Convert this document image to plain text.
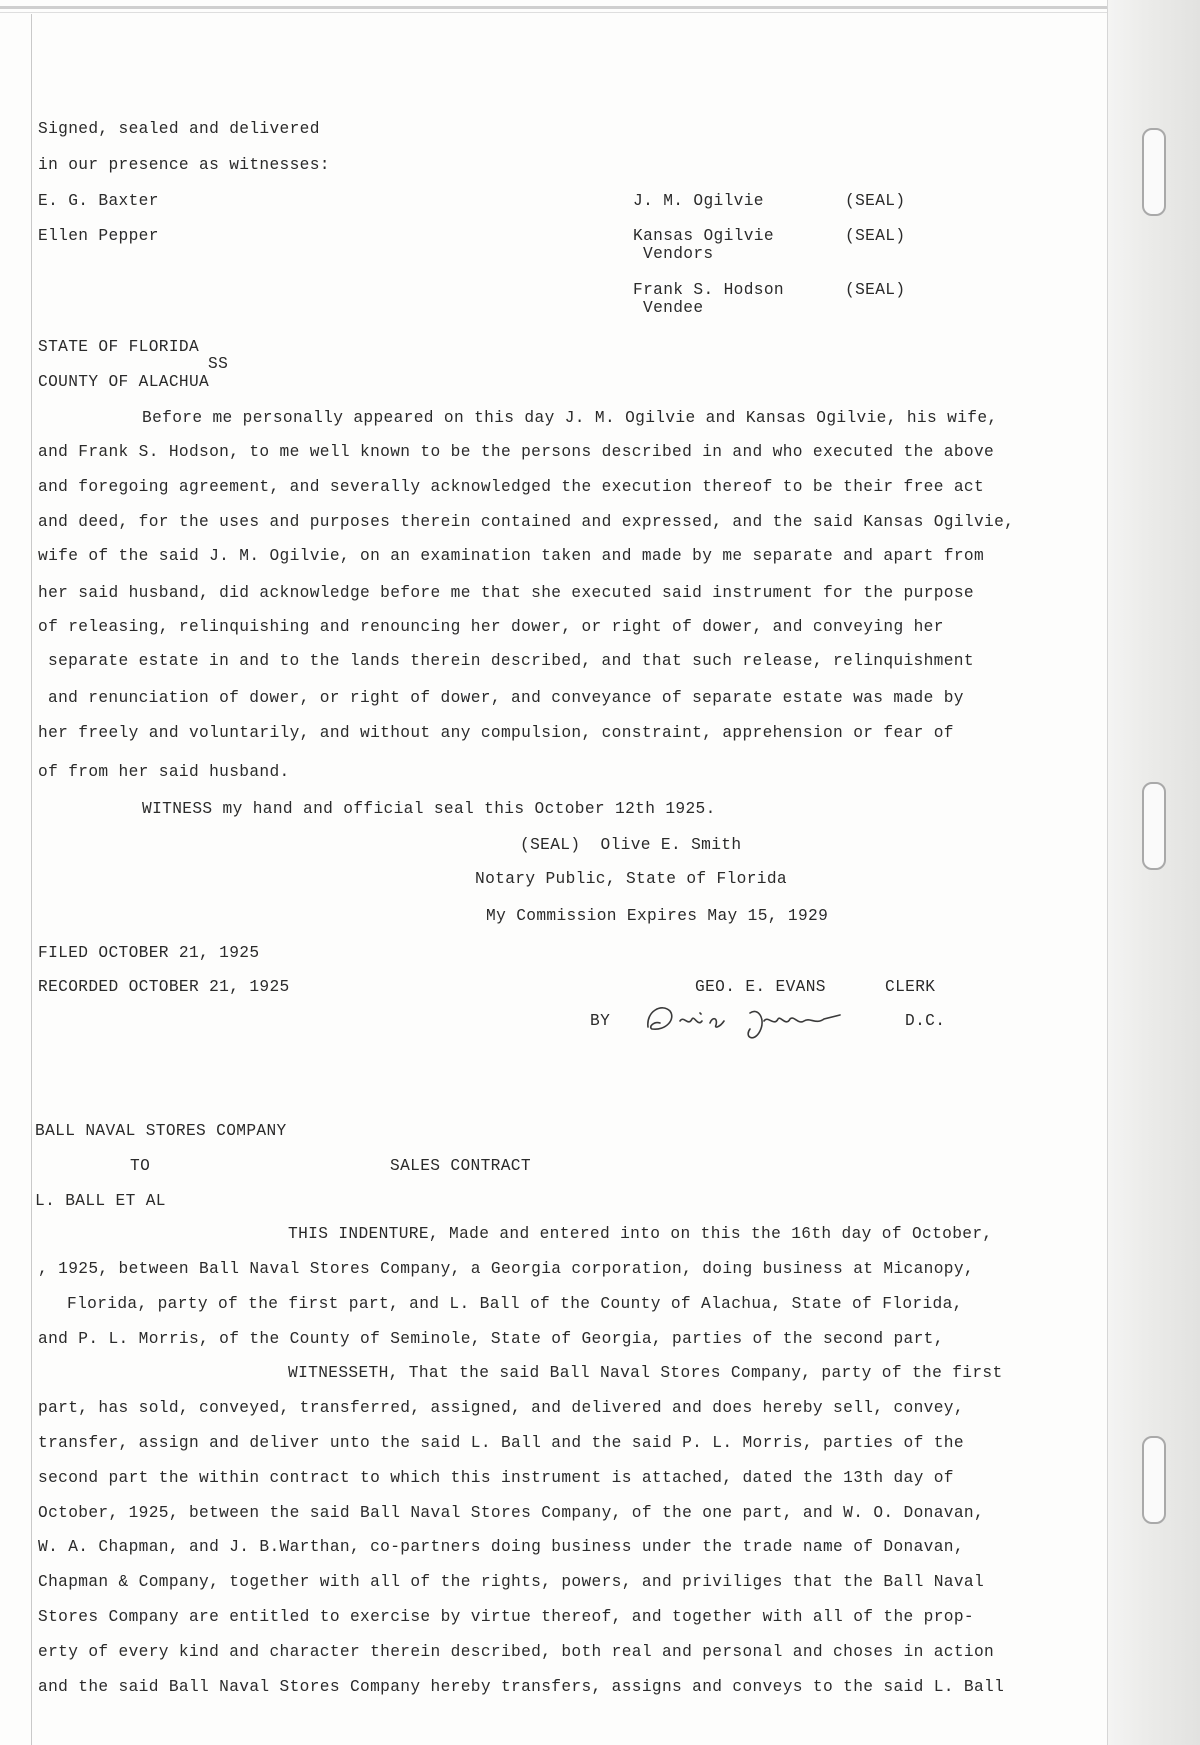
Signed, sealed and delivered
in our presence as witnesses:
E. G. Baxter
Ellen Pepper
J. M. Ogilvie	(SEAL)
Kansas Ogilvie	(SEAL)
Vendors
Frank S. Hodson	(SEAL)
Vendee
STATE OF FLORIDA
SS
COUNTY OF ALACHUA
Before me personally appeared on this day J. M. Ogilvie and Kansas Ogilvie, his wife,
and Frank S. Hodson, to me well known to be the persons described in and who executed the above
and foregoing agreement, and severally acknowledged the execution thereof to be their free act
and deed, for the uses and purposes therein contained and expressed, and the said Kansas Ogilvie,
wife of the said J. M. Ogilvie, on an examination taken and made by me separate and apart from
her said husband, did acknowledge before me that she executed said instrument for the purpose
of releasing, relinquishing and renouncing her dower, or right of dower, and conveying her
separate estate in and to the lands therein described, and that such release, relinquishment
and renunciation of dower, or right of dower, and conveyance of separate estate was made by
her freely and voluntarily, and without any compulsion, constraint, apprehension or fear of
of from her said husband.
WITNESS my hand and official seal this October 12th 1925.
(SEAL)  Olive E. Smith
Notary Public, State of Florida
My Commission Expires May 15, 1929
FILED OCTOBER 21, 1925
RECORDED OCTOBER 21, 1925	GEO. E. EVANS	CLERK
BY	D.C.
BALL NAVAL STORES COMPANY
TO	SALES CONTRACT
L. BALL ET AL
THIS INDENTURE, Made and entered into on this the 16th day of October,
, 1925, between Ball Naval Stores Company, a Georgia corporation, doing business at Micanopy,
Florida, party of the first part, and L. Ball of the County of Alachua, State of Florida,
and P. L. Morris, of the County of Seminole, State of Georgia, parties of the second part,
WITNESSETH, That the said Ball Naval Stores Company, party of the first
part, has sold, conveyed, transferred, assigned, and delivered and does hereby sell, convey,
transfer, assign and deliver unto the said L. Ball and the said P. L. Morris, parties of the
second part the within contract to which this instrument is attached, dated the 13th day of
October, 1925, between the said Ball Naval Stores Company, of the one part, and W. O. Donavan,
W. A. Chapman, and J. B.Warthan, co-partners doing business under the trade name of Donavan,
Chapman & Company, together with all of the rights, powers, and priviliges that the Ball Naval
Stores Company are entitled to exercise by virtue thereof, and together with all of the prop-
erty of every kind and character therein described, both real and personal and choses in action
and the said Ball Naval Stores Company hereby transfers, assigns and conveys to the said L. Ball
